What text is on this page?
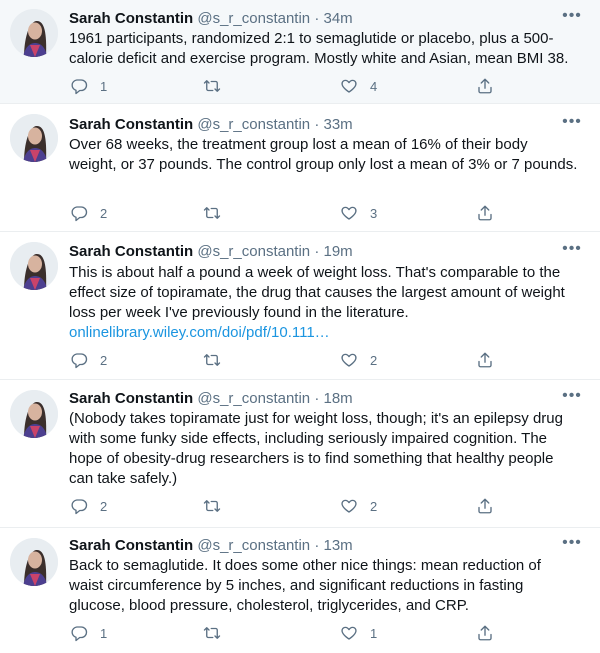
Sarah Constantin @s_r_constantin · 34m	•••
1961 participants, randomized 2:1 to semaglutide or placebo, plus a 500-calorie deficit and exercise program. Mostly white and Asian, mean BMI 38.
1	4
Sarah Constantin @s_r_constantin · 33m	•••
Over 68 weeks, the treatment group lost a mean of 16% of their body weight, or 37 pounds. The control group only lost a mean of 3% or 7 pounds.
2	3
Sarah Constantin @s_r_constantin · 19m	•••
This is about half a pound a week of weight loss. That's comparable to the effect size of topiramate, the drug that causes the largest amount of weight loss per week I've previously found in the literature. onlinelibrary.wiley.com/doi/pdf/10.111…
2	2
Sarah Constantin @s_r_constantin · 18m	•••
(Nobody takes topiramate just for weight loss, though; it's an epilepsy drug with some funky side effects, including seriously impaired cognition. The hope of obesity-drug researchers is to find something that healthy people can take safely.)
2	2
Sarah Constantin @s_r_constantin · 13m	•••
Back to semaglutide. It does some other nice things: mean reduction of waist circumference by 5 inches, and significant reductions in fasting glucose, blood pressure, cholesterol, triglycerides, and CRP.
1	1
